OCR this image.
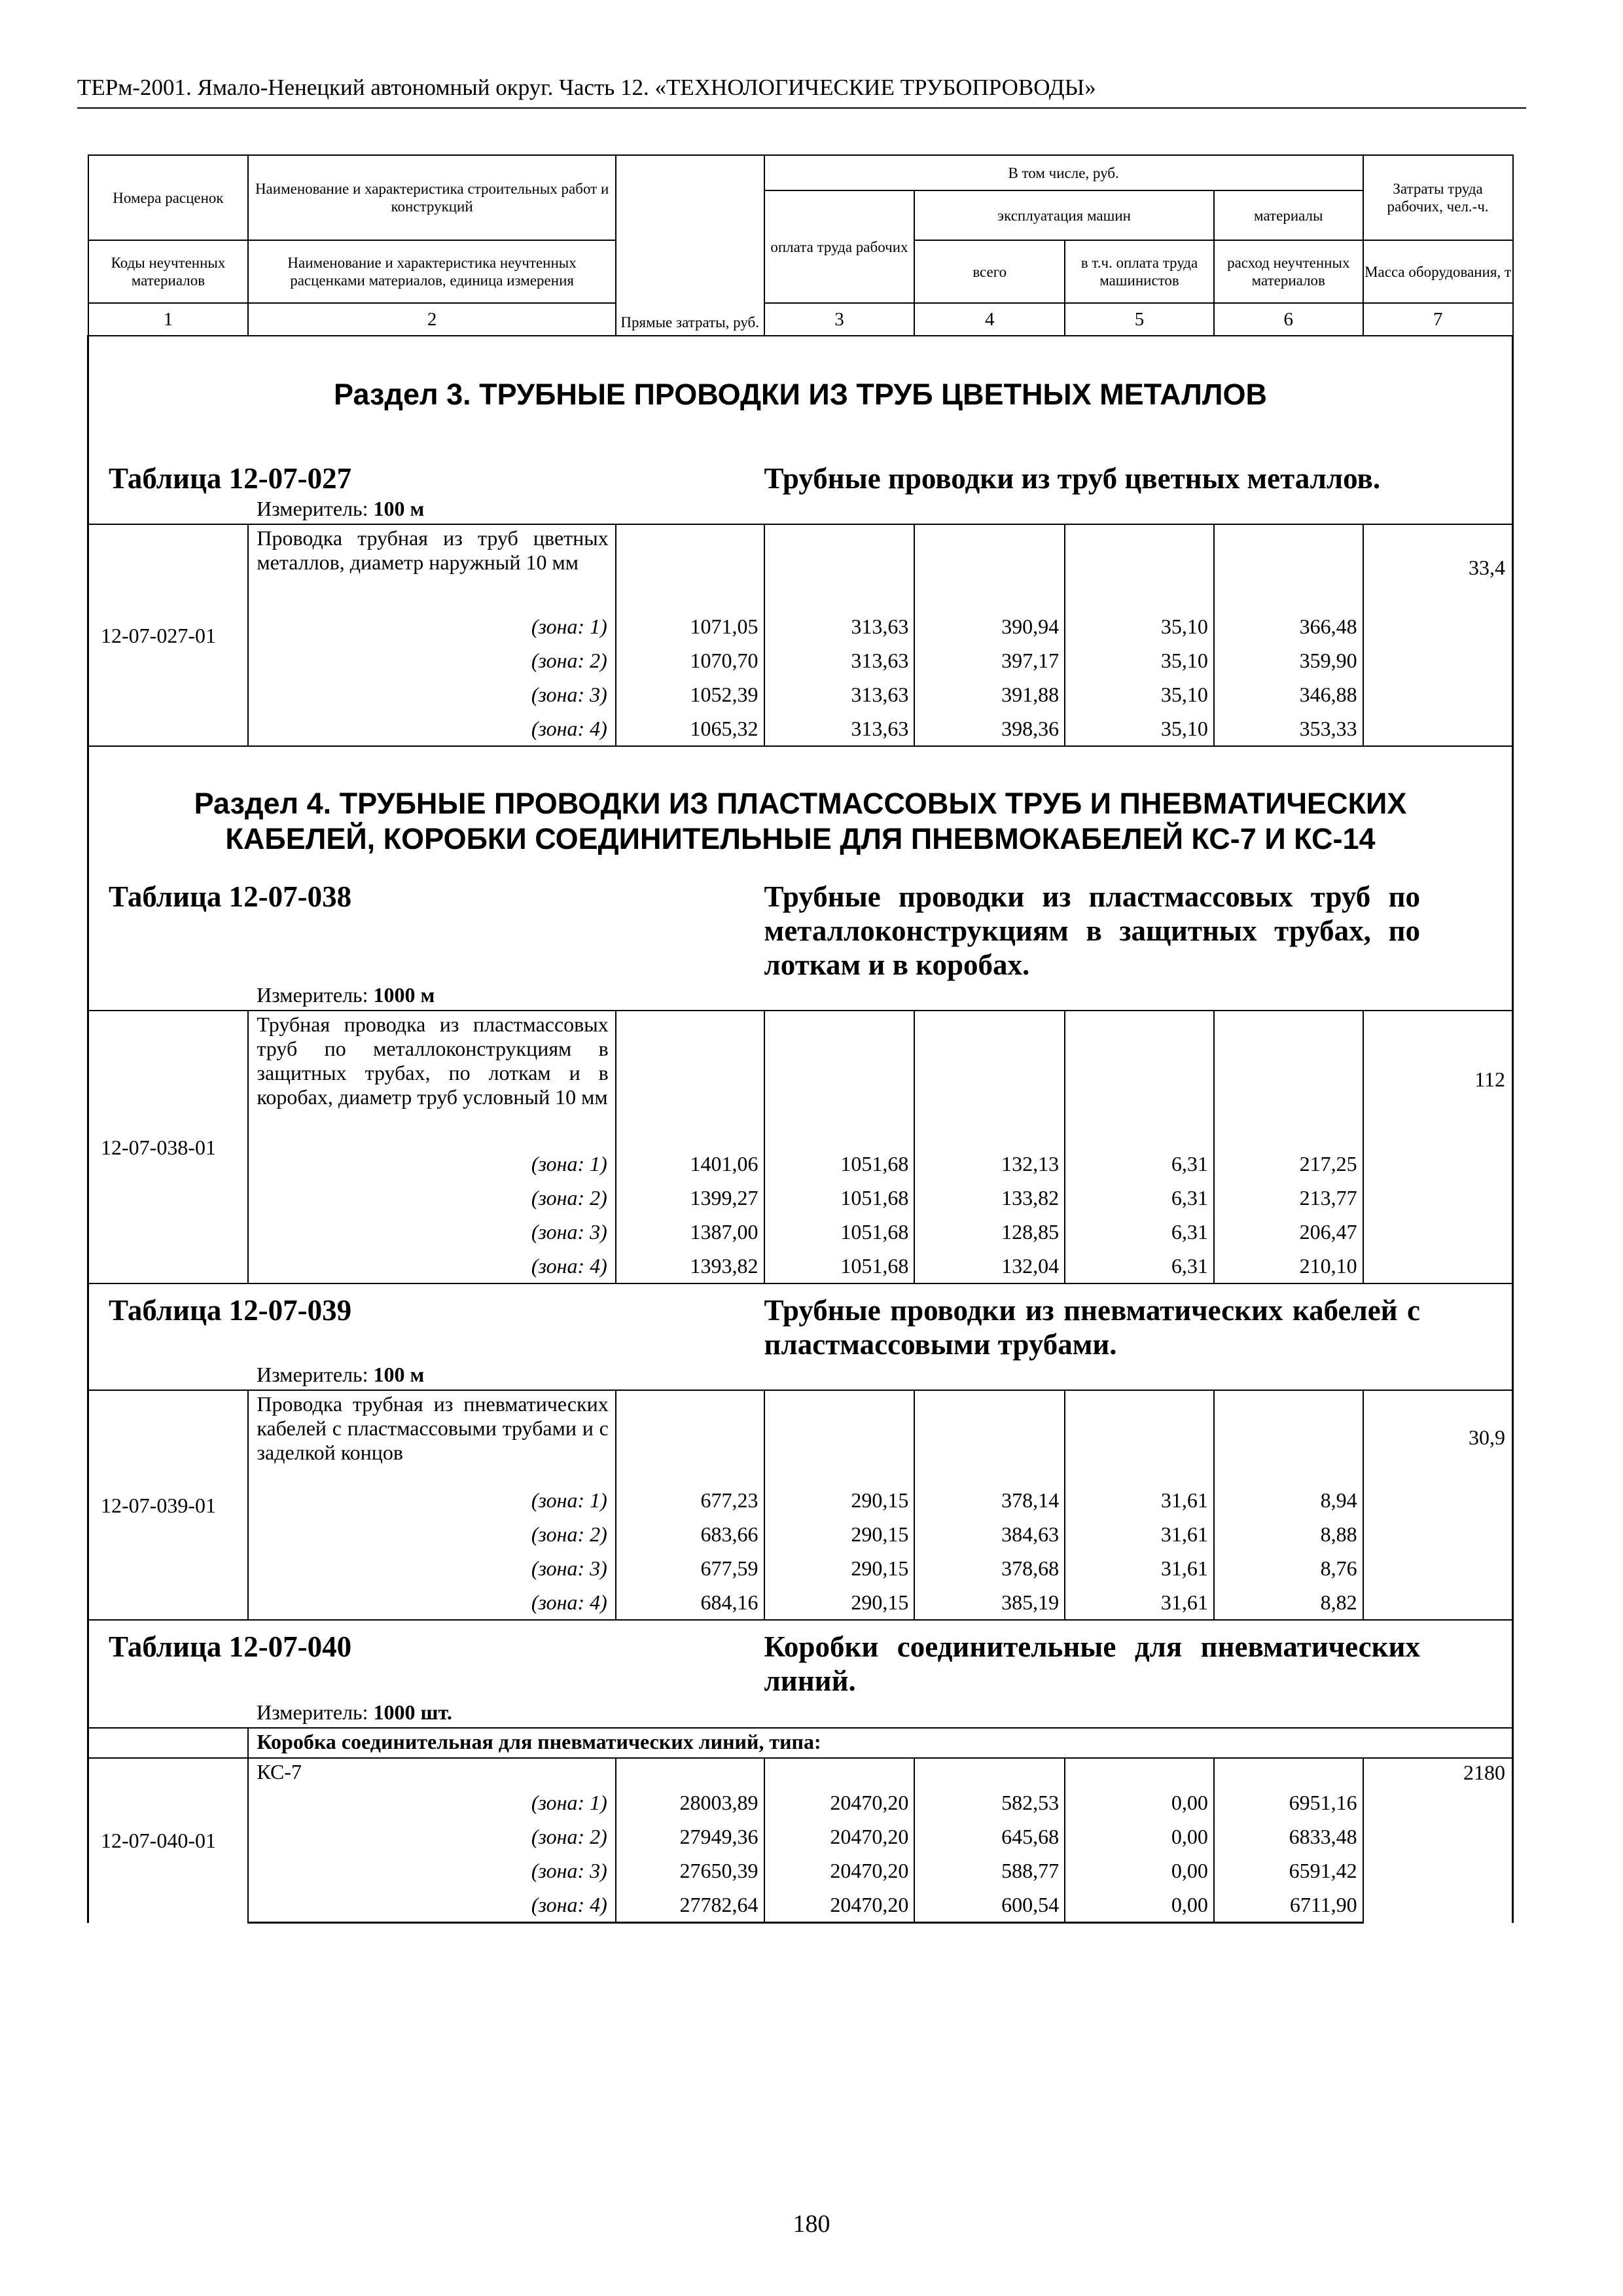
ТЕРм-2001. Ямало-Ненецкий автономный округ. Часть 12. «ТЕХНОЛОГИЧЕСКИЕ ТРУБОПРОВОДЫ»
Номера расценок	Наименование и характеристика строительных работ и конструкций	Прямые затраты, руб.	В том числе, руб.				Затраты труда рабочих, чел.-ч.
			оплата труда рабочих	эксплуатация машин		материалы	
Коды неучтенных материалов	Наименование и характеристика неучтенных расценками материалов, единица измерения			всего	в т.ч. оплата труда машинистов	расход неучтенных материалов	Масса оборудования, т
1	2		3	4	5	6	7

Раздел 3. ТРУБНЫЕ ПРОВОДКИ ИЗ ТРУБ ЦВЕТНЫХ МЕТАЛЛОВ							

Таблица 12-07-027			Трубные проводки из труб цветных металлов.				
Измеритель: 100 м							
12-07-027-01	Проводка трубная из труб цветных металлов, диаметр наружный 10 мм						33,4
	(зона: 1)	1071,05	313,63	390,94	35,10	366,48	
	(зона: 2)	1070,70	313,63	397,17	35,10	359,90	
	(зона: 3)	1052,39	313,63	391,88	35,10	346,88	
	(зона: 4)	1065,32	313,63	398,36	35,10	353,33	

Раздел 4. ТРУБНЫЕ ПРОВОДКИ ИЗ ПЛАСТМАССОВЫХ ТРУБ И ПНЕВМАТИЧЕСКИХ
КАБЕЛЕЙ, КОРОБКИ СОЕДИНИТЕЛЬНЫЕ ДЛЯ ПНЕВМОКАБЕЛЕЙ КС-7 И КС-14							

Таблица 12-07-038			Трубные проводки из пластмассовых труб по металлоконструкциям в защитных трубах, по лоткам и в коробах.				
Измеритель: 1000 м							
12-07-038-01	Трубная проводка из пластмассовых труб по металлоконструкциям в защитных трубах, по лоткам и в коробах, диаметр труб условный 10 мм						112
	(зона: 1)	1401,06	1051,68	132,13	6,31	217,25	
	(зона: 2)	1399,27	1051,68	133,82	6,31	213,77	
	(зона: 3)	1387,00	1051,68	128,85	6,31	206,47	
	(зона: 4)	1393,82	1051,68	132,04	6,31	210,10	

Таблица 12-07-039			Трубные проводки из пневматических кабелей с пластмассовыми трубами.				
Измеритель: 100 м							
12-07-039-01	Проводка трубная из пневматических кабелей с пластмассовыми трубами и с заделкой концов						30,9
	(зона: 1)	677,23	290,15	378,14	31,61	8,94	
	(зона: 2)	683,66	290,15	384,63	31,61	8,88	
	(зона: 3)	677,59	290,15	378,68	31,61	8,76	
	(зона: 4)	684,16	290,15	385,19	31,61	8,82	

Таблица 12-07-040			Коробки соединительные для пневматических линий.				
Измеритель: 1000 шт.							
	Коробка соединительная для пневматических линий, типа:						
12-07-040-01	КС-7						2180
	(зона: 1)	28003,89	20470,20	582,53	0,00	6951,16	
	(зона: 2)	27949,36	20470,20	645,68	0,00	6833,48	
	(зона: 3)	27650,39	20470,20	588,77	0,00	6591,42	
	(зона: 4)	27782,64	20470,20	600,54	0,00	6711,90	
180
